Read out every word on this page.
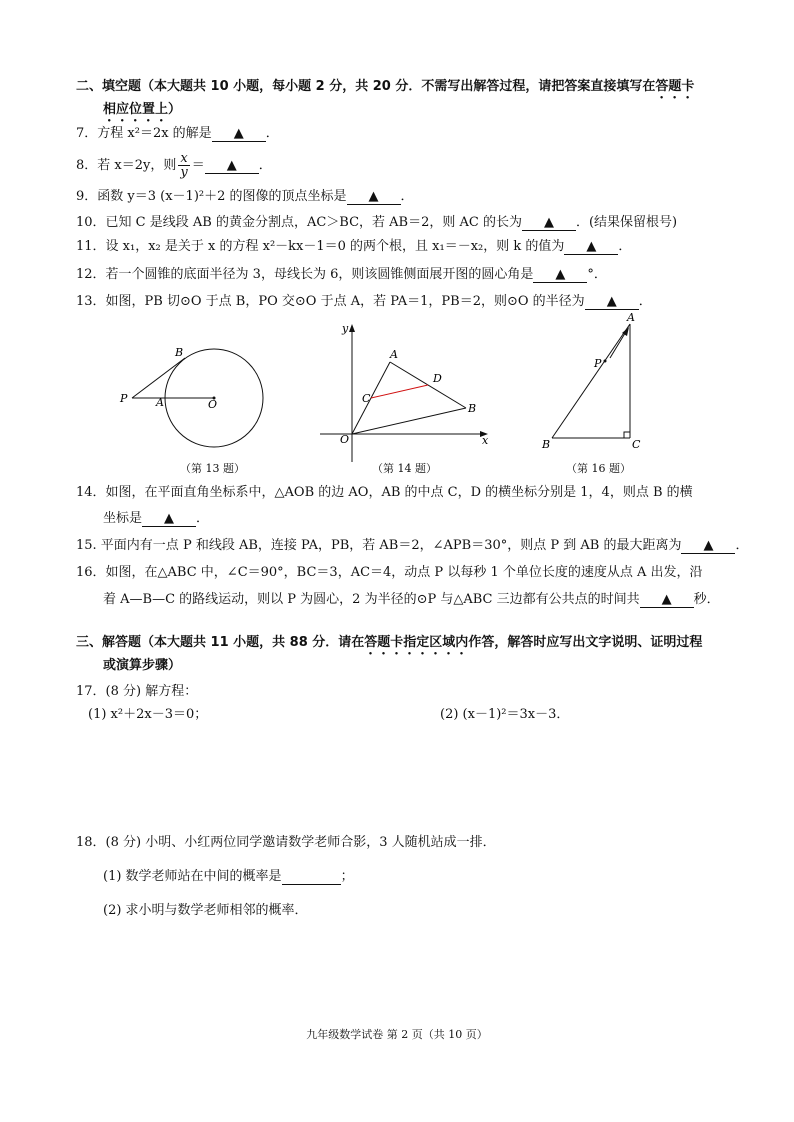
二、填空题（本大题共 10 小题，每小题 2 分，共 20 分．不需写出解答过程，请把答案直接填写在答题卡
相应位置上）
7．方程 x²＝2x 的解是 ▲ ．
8．若 x＝2y，则 $\frac{x}{y}$ ＝ ▲ ．
9．函数 y＝3 (x－1)²＋2 的图像的顶点坐标是 ▲ ．
10．已知 C 是线段 AB 的黄金分割点，AC＞BC，若 AB＝2，则 AC 的长为 ▲ ．(结果保留根号)
11．设 x₁，x₂ 是关于 x 的方程 x²－kx－1＝0 的两个根，且 x₁＝－x₂，则 k 的值为 ▲ ．
12．若一个圆锥的底面半径为 3，母线长为 6，则该圆锥侧面展开图的圆心角是 ▲ °．
13．如图，PB 切⊙O 于点 B，PO 交⊙O 于点 A，若 PA＝1，PB＝2，则⊙O 的半径为 ▲ ．
B
P	A	O
（第 13 题）
y
A
D
C
B
O	x
（第 14 题）
A
P
B	C
（第 16 题）
14．如图，在平面直角坐标系中，△AOB 的边 AO，AB 的中点 C，D 的横坐标分别是 1，4，则点 B 的横
坐标是 ▲ ．
15. 平面内有一点 P 和线段 AB，连接 PA，PB，若 AB＝2，∠APB＝30°，则点 P 到 AB 的最大距离为 ▲ ．
16．如图，在△ABC 中，∠C＝90°，BC＝3，AC＝4，动点 P 以每秒 1 个单位长度的速度从点 A 出发，沿
着 A—B—C 的路线运动，则以 P 为圆心，2 为半径的⊙P 与△ABC 三边都有公共点的时间共 ▲ 秒．
三、解答题（本大题共 11 小题，共 88 分．请在答题卡指定区域内作答，解答时应写出文字说明、证明过程
或演算步骤）
17．(8 分) 解方程：
(1) x²＋2x－3＝0；	(2) (x－1)²＝3x－3．
18．(8 分) 小明、小红两位同学邀请数学老师合影，3 人随机站成一排．
(1) 数学老师站在中间的概率是	；
(2) 求小明与数学老师相邻的概率．
九年级数学试卷 第 2 页（共 10 页）
